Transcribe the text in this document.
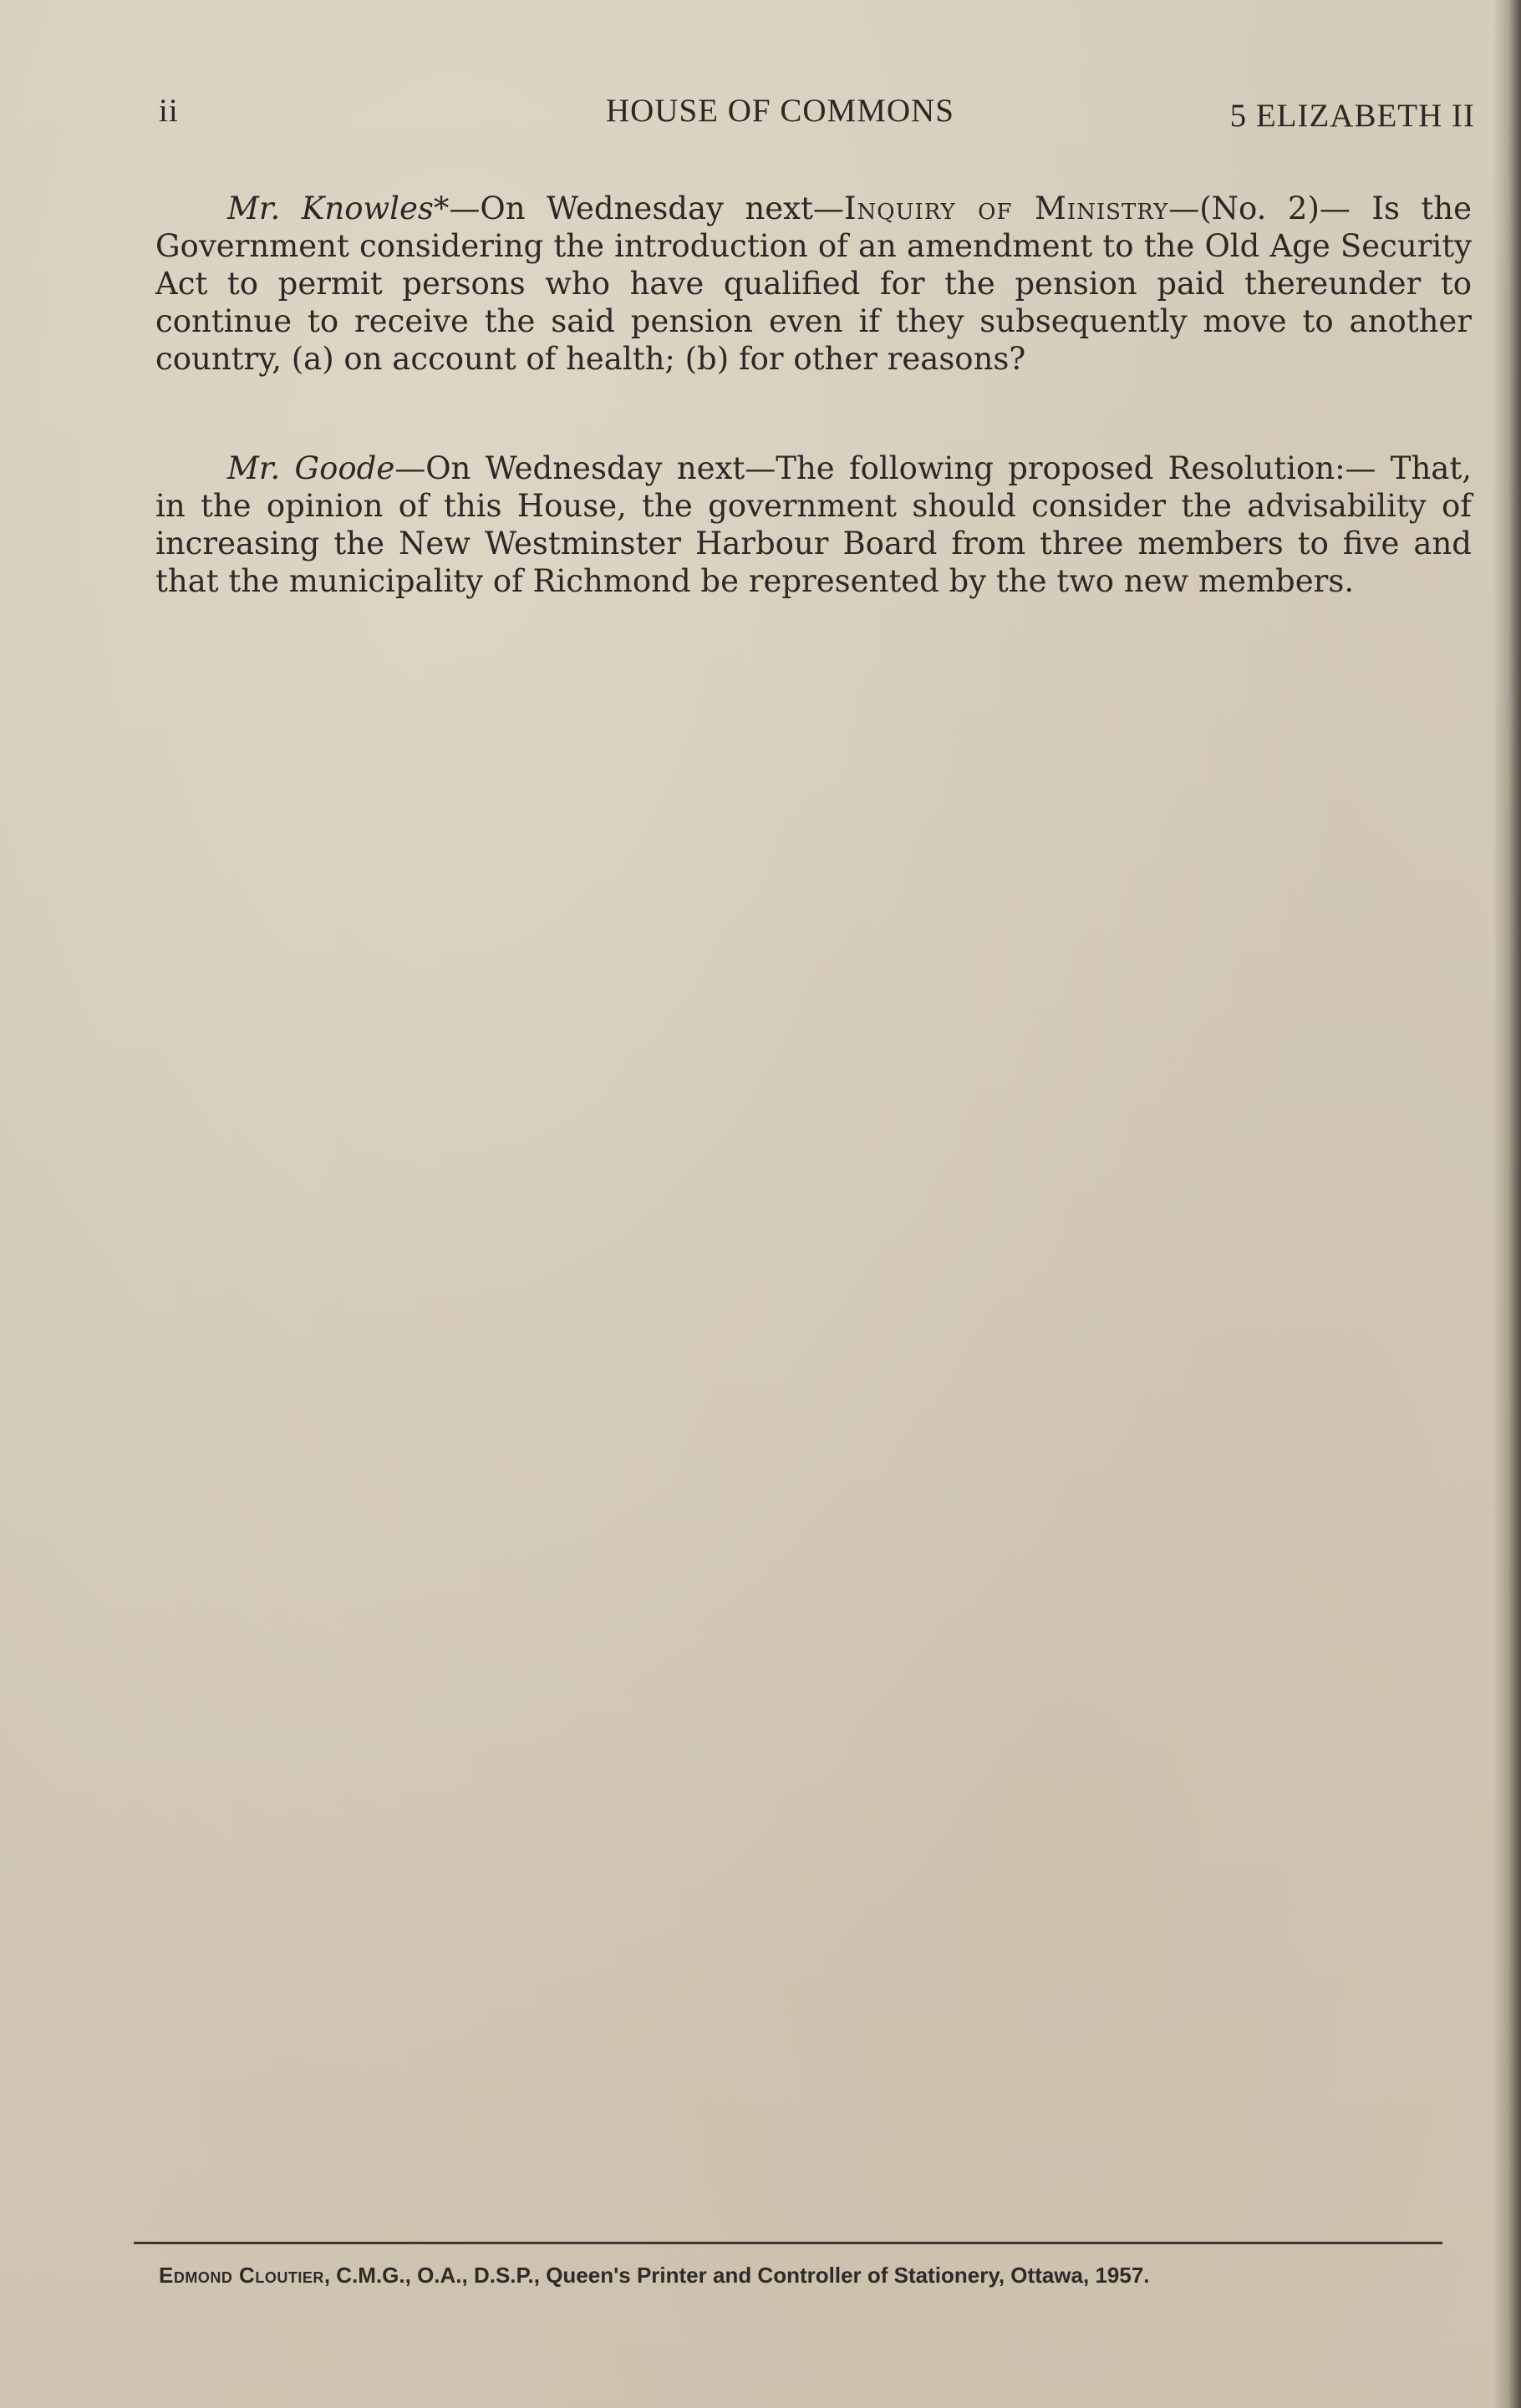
ii	HOUSE OF COMMONS	5 ELIZABETH II

Mr. Knowles*—On Wednesday next—Inquiry of Ministry—(No. 2)— Is the Government considering the introduction of an amendment to the Old Age Security Act to permit persons who have qualified for the pension paid thereunder to continue to receive the said pension even if they subsequently move to another country, (a) on account of health; (b) for other reasons?

Mr. Goode—On Wednesday next—The following proposed Resolution:— That, in the opinion of this House, the government should consider the advisability of increasing the New Westminster Harbour Board from three members to five and that the municipality of Richmond be represented by the two new members.

Edmond Cloutier, C.M.G., O.A., D.S.P., Queen's Printer and Controller of Stationery, Ottawa, 1957.
